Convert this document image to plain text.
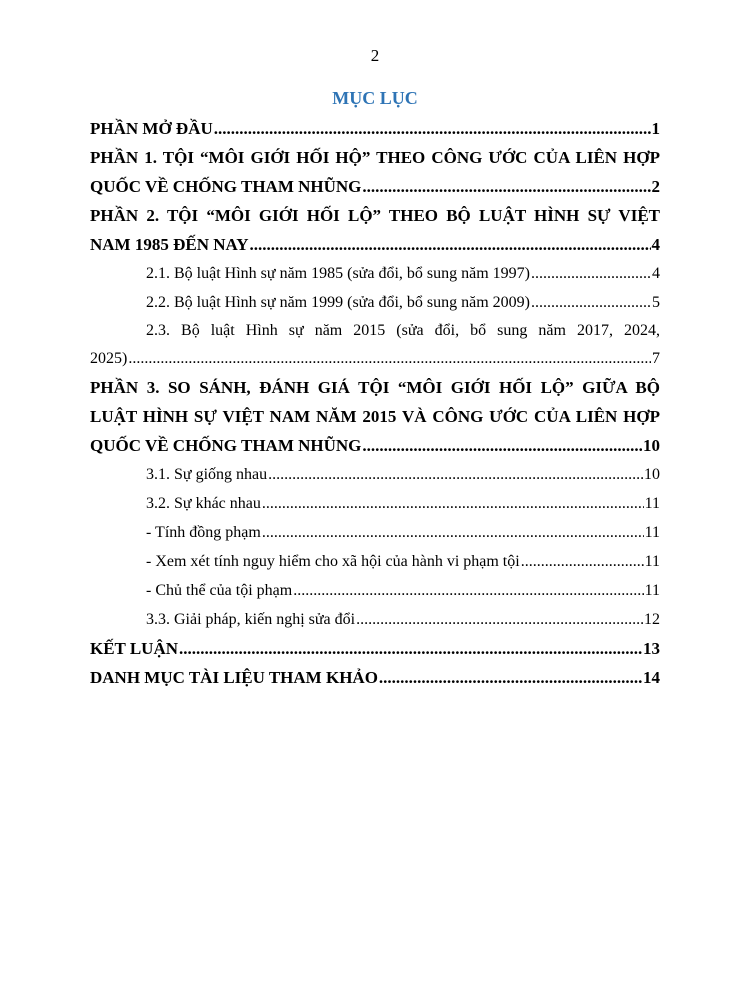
2
MỤC LỤC
PHẦN MỞ ĐẦU .....	1
PHẦN 1. TỘI “MÔI GIỚI HỐI HỘ” THEO CÔNG ƯỚC CỦA LIÊN HỢP
QUỐC VỀ CHỐNG THAM NHŨNG .....	2
PHẦN 2. TỘI “MÔI GIỚI HỐI LỘ” THEO BỘ LUẬT HÌNH SỰ VIỆT
NAM 1985 ĐẾN NAY .....	4
2.1. Bộ luật Hình sự năm 1985 (sửa đổi, bổ sung năm 1997) .....	4
2.2. Bộ luật Hình sự năm 1999 (sửa đổi, bổ sung năm 2009) .....	5
2.3. Bộ luật Hình sự năm 2015 (sửa đổi, bổ sung năm 2017, 2024,
2025) .....	7
PHẦN 3. SO SÁNH, ĐÁNH GIÁ TỘI “MÔI GIỚI HỐI LỘ” GIỮA BỘ
LUẬT HÌNH SỰ VIỆT NAM NĂM 2015 VÀ CÔNG ƯỚC CỦA LIÊN HỢP
QUỐC VỀ CHỐNG THAM NHŨNG .....	10
3.1. Sự giống nhau .....	10
3.2. Sự khác nhau .....	11
- Tính đồng phạm .....	11
- Xem xét tính nguy hiểm cho xã hội của hành vi phạm tội .....	11
- Chủ thể của tội phạm .....	11
3.3. Giải pháp, kiến nghị sửa đổi .....	12
KẾT LUẬN .....	13
DANH MỤC TÀI LIỆU THAM KHẢO .....	14
